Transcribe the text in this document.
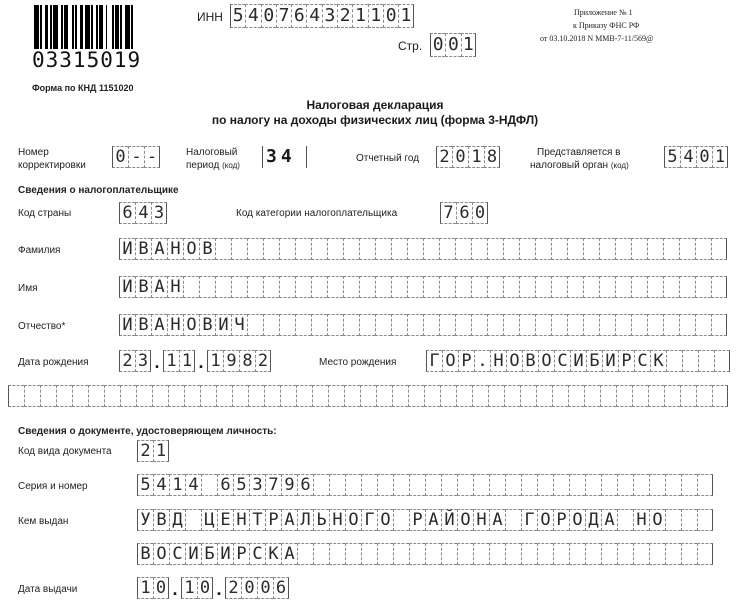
03315019
Форма по КНД 1151020
ИНН 5 4 0 7 6 4 3 2 1 1 0 1
Стр. 0 0 1
Приложение № 1
к Приказу ФНС РФ
от 03.10.2018 N ММВ-7-11/569@
Налоговая декларация
по налогу на доходы физических лиц (форма 3-НДФЛ)
Номер
корректировки 0 - -	Налоговый
период (код) 34	Отчетный год 2 0 1 8	Представляется в
налоговый орган (код) 5 4 0 1
Сведения о налогоплательщике
Код страны	6 4 3	Код категории налогоплательщика	7 6 0
Фамилия	И В А Н О В
Имя	И В А Н
Отчество*	И В А Н О В И Ч
Дата рождения 2 3 . 1 1 . 1 9 8 2	Место рождения Г О Р . Н О В О С И Б И Р С К
Сведения о документе, удостоверяющем личность:
Код вида документа 2 1
Серия и номер	5 4 1 4 6 5 3 7 9 6
Кем выдан	У В Д Ц Е Н Т Р А Л Ь Н О Г О Р А Й О Н А Г О Р О Д А Н О
В О С И Б И Р С К А
Дата выдачи	1 0 . 1 0 . 2 0 0 6
